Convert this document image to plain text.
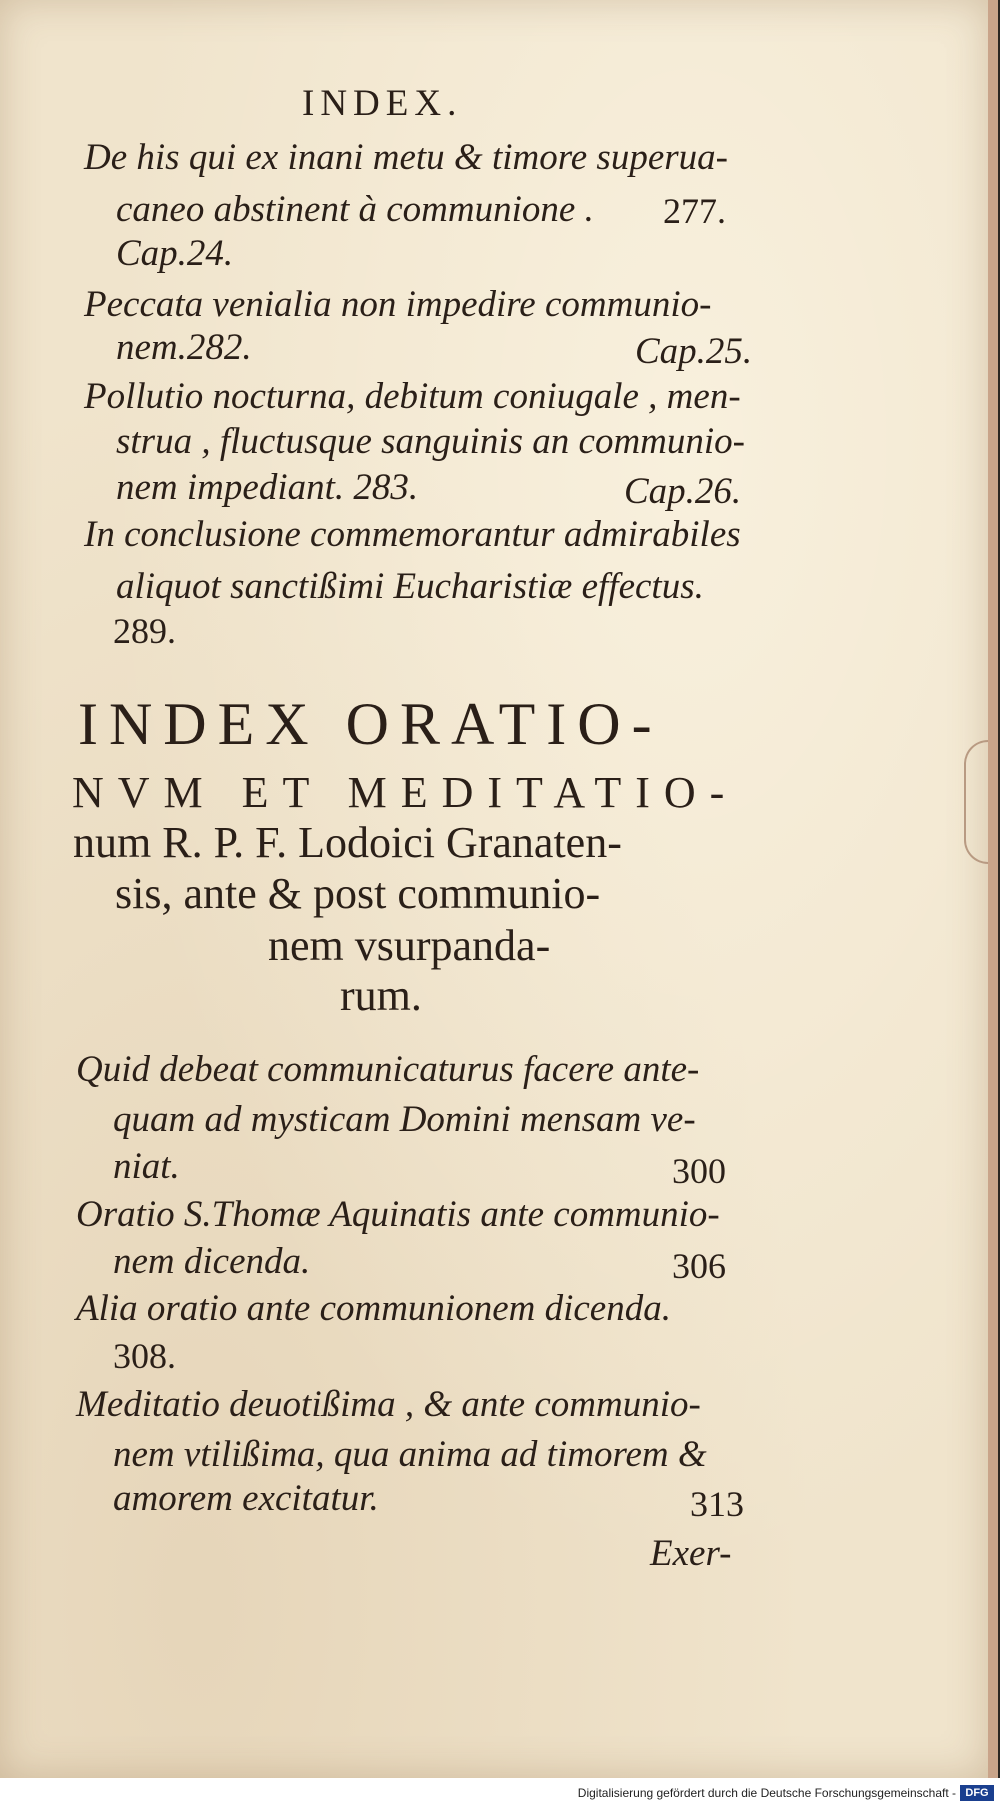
INDEX.
De his qui ex inani metu & timore superua-
caneo abstinent à communione . 277.
Cap.24.
Peccata venialia non impedire communio-
nem.282.	Cap.25.
Pollutio nocturna, debitum coniugale , men-
strua , fluctusque sanguinis an communio-
nem impediant. 283.	Cap.26.
In conclusione commemorantur admirabiles
aliquot sanctißimi Eucharistiæ effectus.
289.
INDEX ORATIO-
NVM ET MEDITATIO-
num R. P. F. Lodoici Granaten-
sis, ante & post communio-
nem vsurpanda-
rum.
Quid debeat communicaturus facere ante-
quam ad mysticam Domini mensam ve-
niat.	300
Oratio S.Thomæ Aquinatis ante communio-
nem dicenda.	306
Alia oratio ante communionem dicenda.
308.
Meditatio deuotißima , & ante communio-
nem vtilißima, qua anima ad timorem &
amorem excitatur.	313
Exer-
Digitalisierung gefördert durch die Deutsche Forschungsgemeinschaft - DFG
